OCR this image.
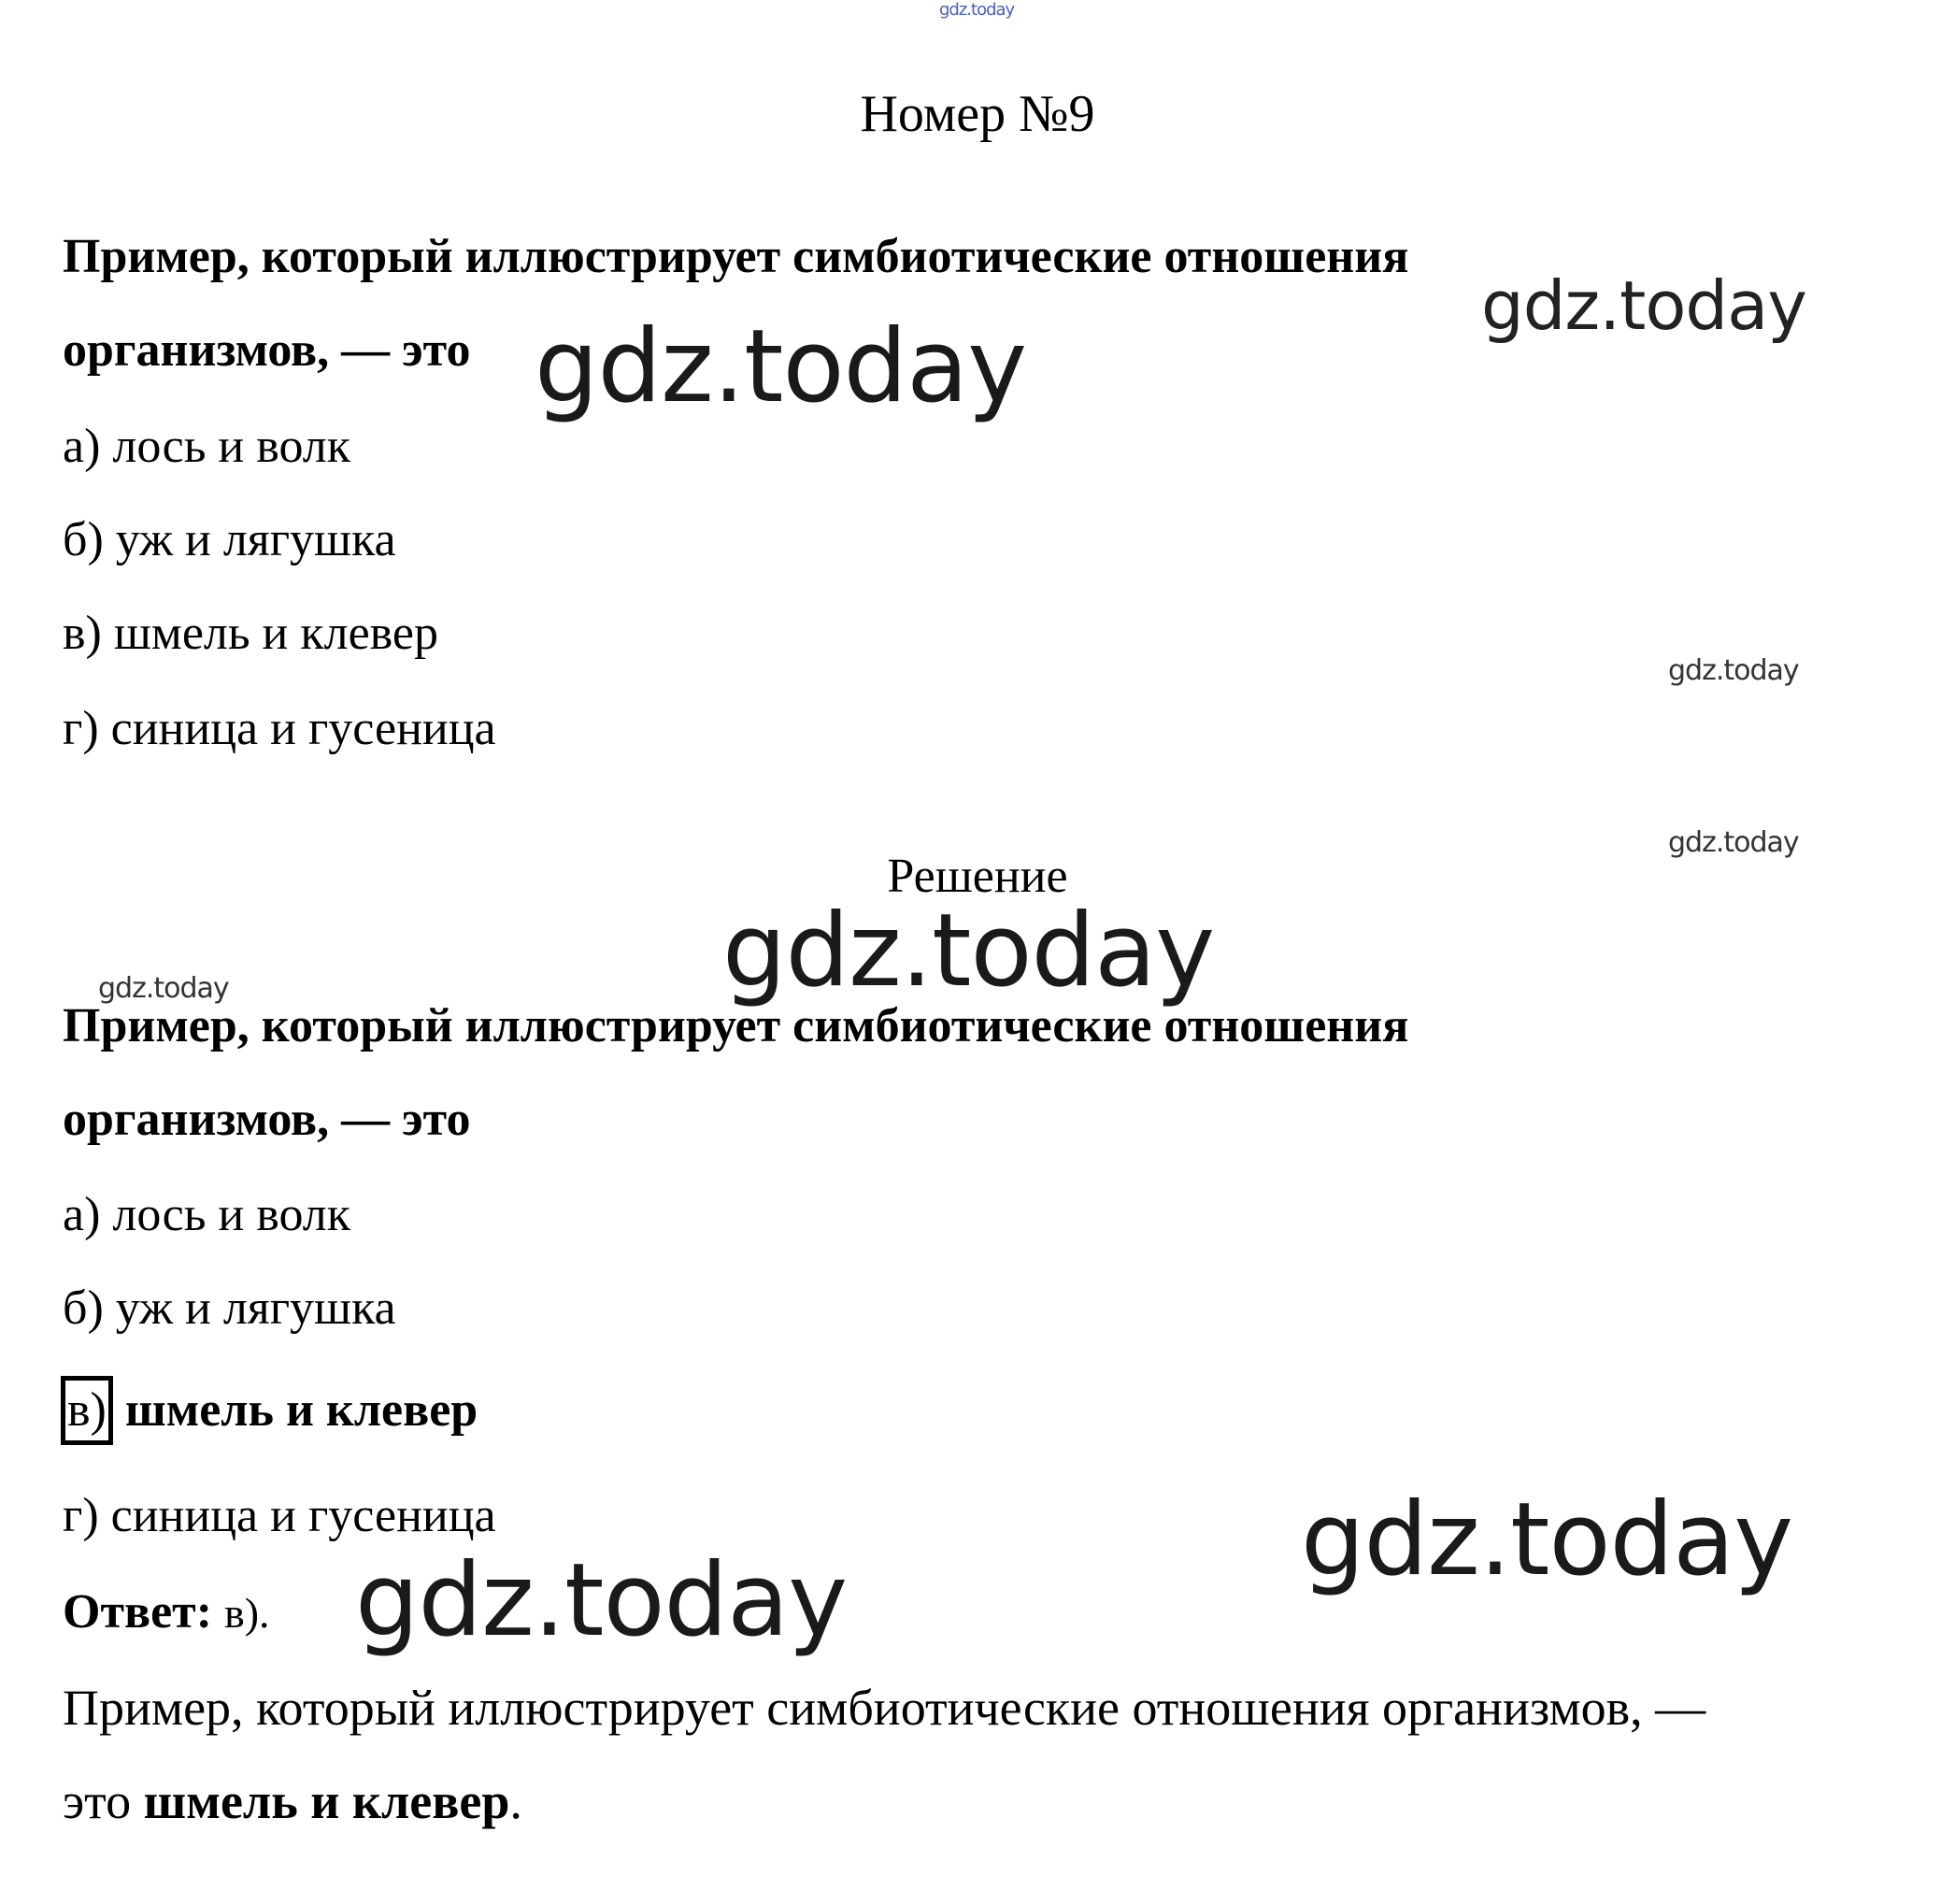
Номер №9
Пример, который иллюстрирует симбиотические отношения
организмов, — это
а) лось и волк
б) уж и лягушка
в) шмель и клевер
г) синица и гусеница
Решение
Пример, который иллюстрирует симбиотические отношения
организмов, — это
а) лось и волк
б) уж и лягушка
в) шмель и клевер
г) синица и гусеница
Ответ: в).
Пример, который иллюстрирует симбиотические отношения организмов, —
это шмель и клевер.
gdz.today
gdz.today
gdz.today
gdz.today
gdz.today
gdz.today
gdz.today
gdz.today
gdz.today
